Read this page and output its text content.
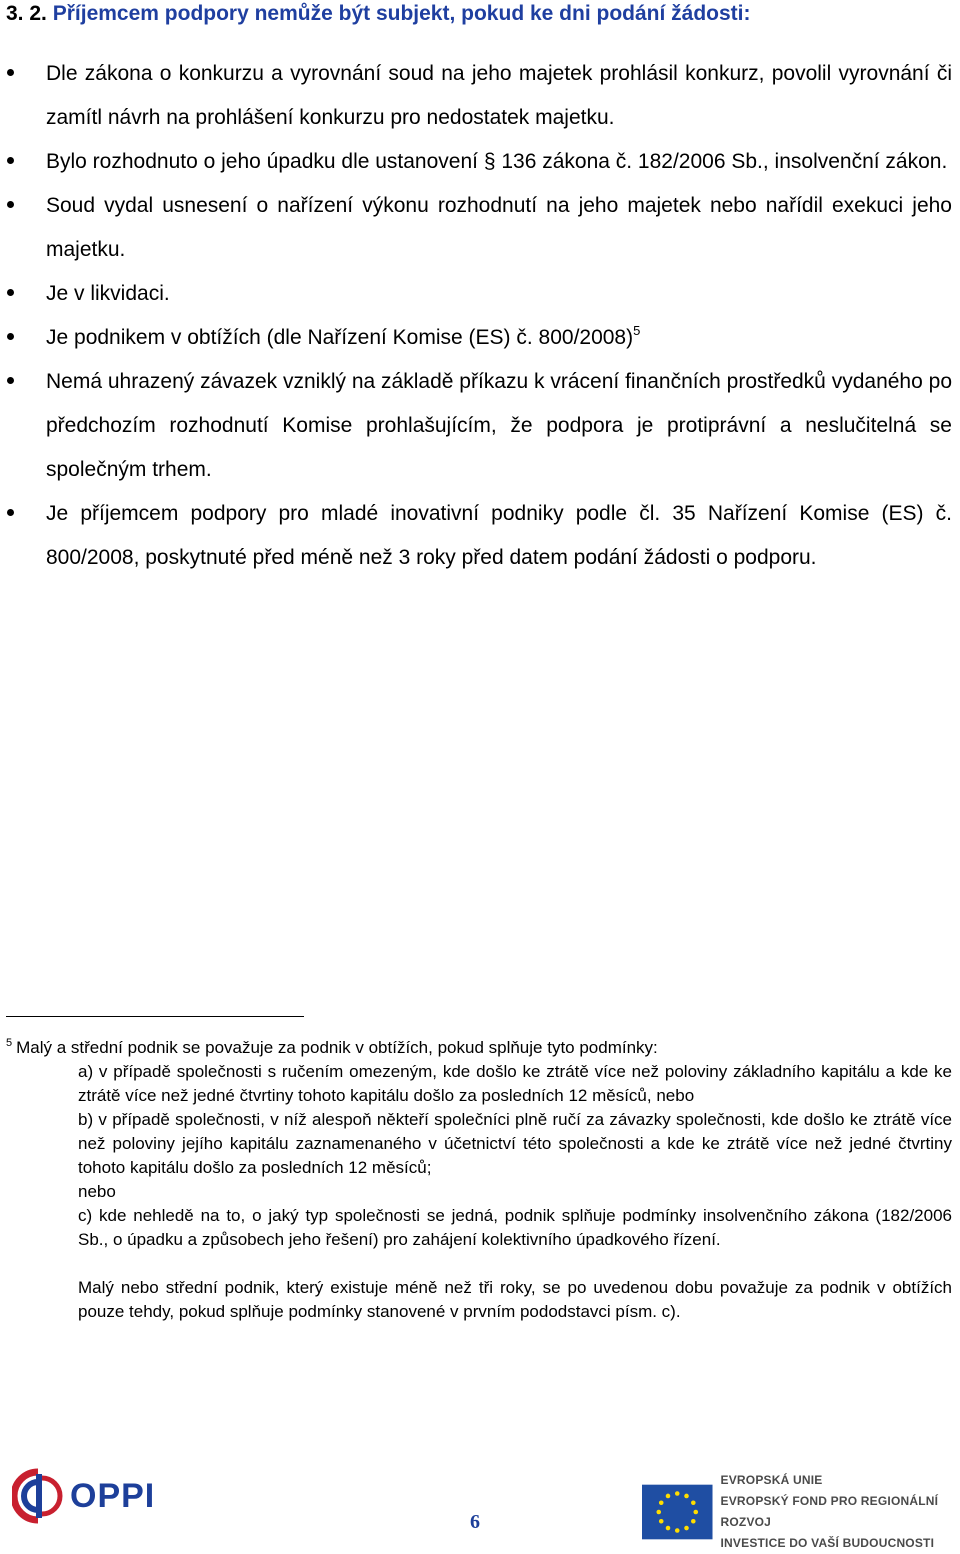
3. 2. Příjemcem podpory nemůže být subjekt, pokud ke dni podání žádosti:
Dle zákona o konkurzu a vyrovnání soud na jeho majetek prohlásil konkurz, povolil vyrovnání či zamítl návrh na prohlášení konkurzu pro nedostatek majetku.
Bylo rozhodnuto o jeho úpadku dle ustanovení § 136 zákona č. 182/2006 Sb., insolvenční zákon.
Soud vydal usnesení o nařízení výkonu rozhodnutí na jeho majetek nebo nařídil exekuci jeho majetku.
Je v likvidaci.
Je podnikem v obtížích (dle Nařízení Komise (ES) č. 800/2008)$^5$
Nemá uhrazený závazek vzniklý na základě příkazu k vrácení finančních prostředků vydaného po předchozím rozhodnutí Komise prohlašujícím, že podpora je protiprávní a neslučitelná se společným trhem.
Je příjemcem podpory pro mladé inovativní podniky podle čl. 35 Nařízení Komise (ES) č. 800/2008, poskytnuté před méně než 3 roky před datem podání žádosti o podporu.
$^5$ Malý a střední podnik se považuje za podnik v obtížích, pokud splňuje tyto podmínky:
a) v případě společnosti s ručením omezeným, kde došlo ke ztrátě více než poloviny základního kapitálu a kde ke ztrátě více než jedné čtvrtiny tohoto kapitálu došlo za posledních 12 měsíců, nebo
b) v případě společnosti, v níž alespoň někteří společníci plně ručí za závazky společnosti, kde došlo ke ztrátě více než poloviny jejího kapitálu zaznamenaného v účetnictví této společnosti a kde ke ztrátě více než jedné čtvrtiny tohoto kapitálu došlo za posledních 12 měsíců;
nebo
c) kde nehledě na to, o jaký typ společnosti se jedná, podnik splňuje podmínky insolvenčního zákona (182/2006 Sb., o úpadku a způsobech jeho řešení) pro zahájení kolektivního úpadkového řízení.
Malý nebo střední podnik, který existuje méně než tři roky, se po uvedenou dobu považuje za podnik v obtížích pouze tehdy, pokud splňuje podmínky stanovené v prvním pododstavci písm. c).
OPPI
6
EVROPSKÁ UNIE
EVROPSKÝ FOND PRO REGIONÁLNÍ ROZVOJ
INVESTICE DO VAŠÍ BUDOUCNOSTI
